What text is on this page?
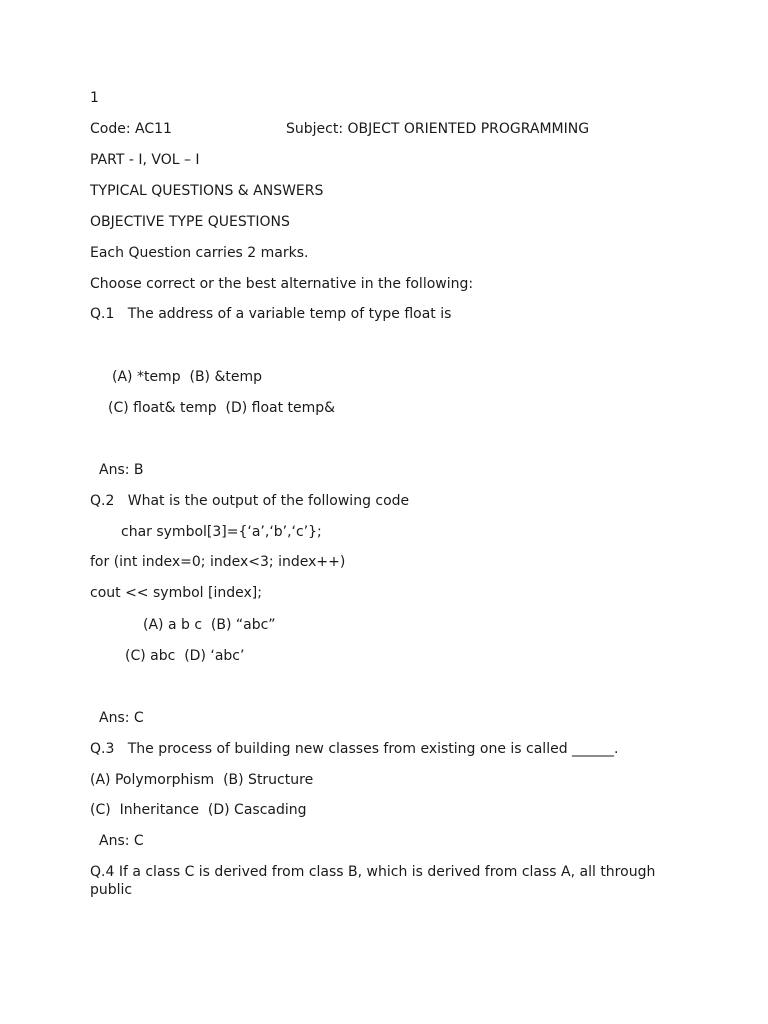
1
Code: AC11	Subject: OBJECT ORIENTED PROGRAMMING
PART - I, VOL – I
TYPICAL QUESTIONS & ANSWERS
OBJECTIVE TYPE QUESTIONS
Each Question carries 2 marks.
Choose correct or the best alternative in the following:
Q.1   The address of a variable temp of type float is
(A) *temp  (B) &temp
(C) float& temp  (D) float temp&
Ans: B
Q.2   What is the output of the following code
char symbol[3]={‘a’,‘b’,‘c’};
for (int index=0; index<3; index++)
cout << symbol [index];
(A) a b c  (B) “abc”
(C) abc  (D) ‘abc’
Ans: C
Q.3   The process of building new classes from existing one is called ______.
(A) Polymorphism  (B) Structure
(C)  Inheritance  (D) Cascading
Ans: C
Q.4 If a class C is derived from class B, which is derived from class A, all through public
